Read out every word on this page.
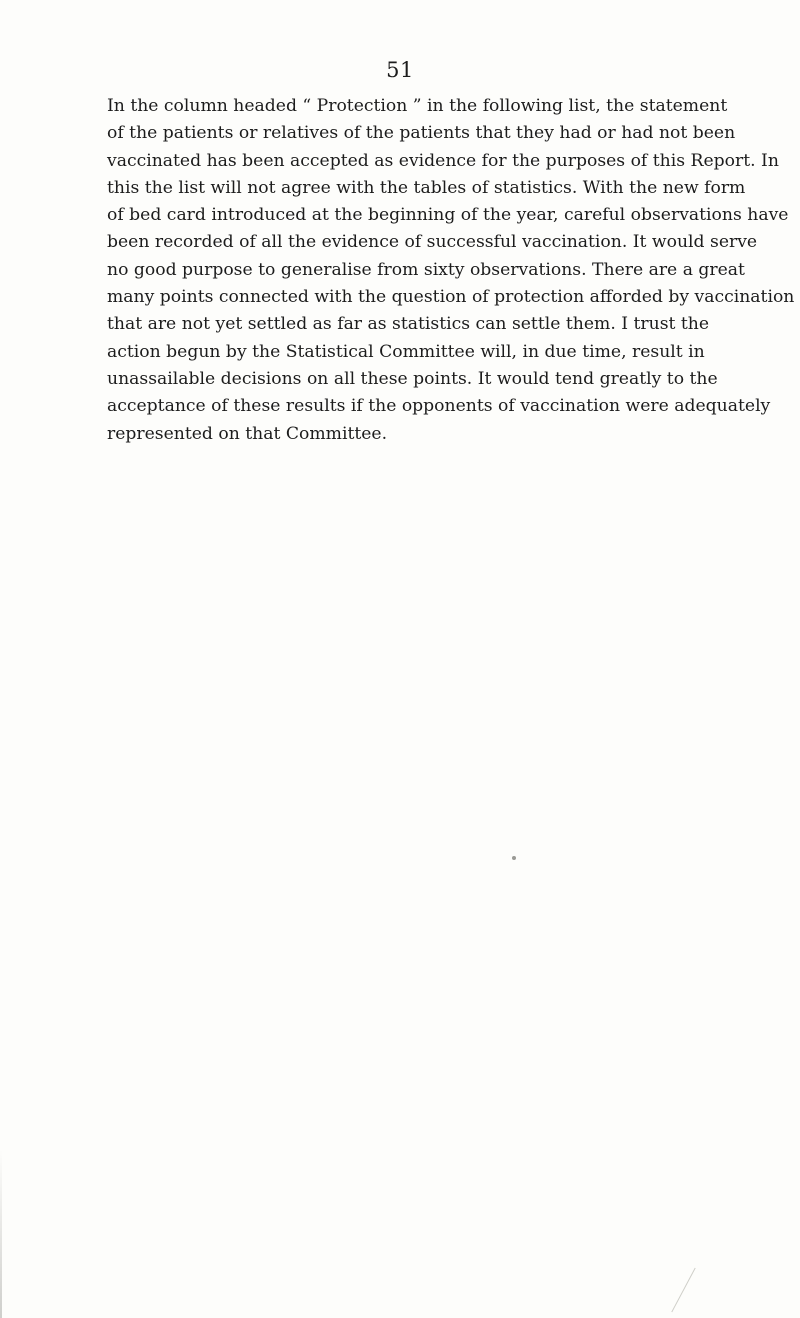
51

In the column headed “ Protection ” in the following list, the statement
of the patients or relatives of the patients that they had or had not been
vaccinated has been accepted as evidence for the purposes of this Report. In
this the list will not agree with the tables of statistics. With the new form
of bed card introduced at the beginning of the year, careful observations have
been recorded of all the evidence of successful vaccination. It would serve
no good purpose to generalise from sixty observations. There are a great
many points connected with the question of protection afforded by vaccination
that are not yet settled as far as statistics can settle them. I trust the
action begun by the Statistical Committee will, in due time, result in
unassailable decisions on all these points. It would tend greatly to the
acceptance of these results if the opponents of vaccination were adequately
represented on that Committee.
